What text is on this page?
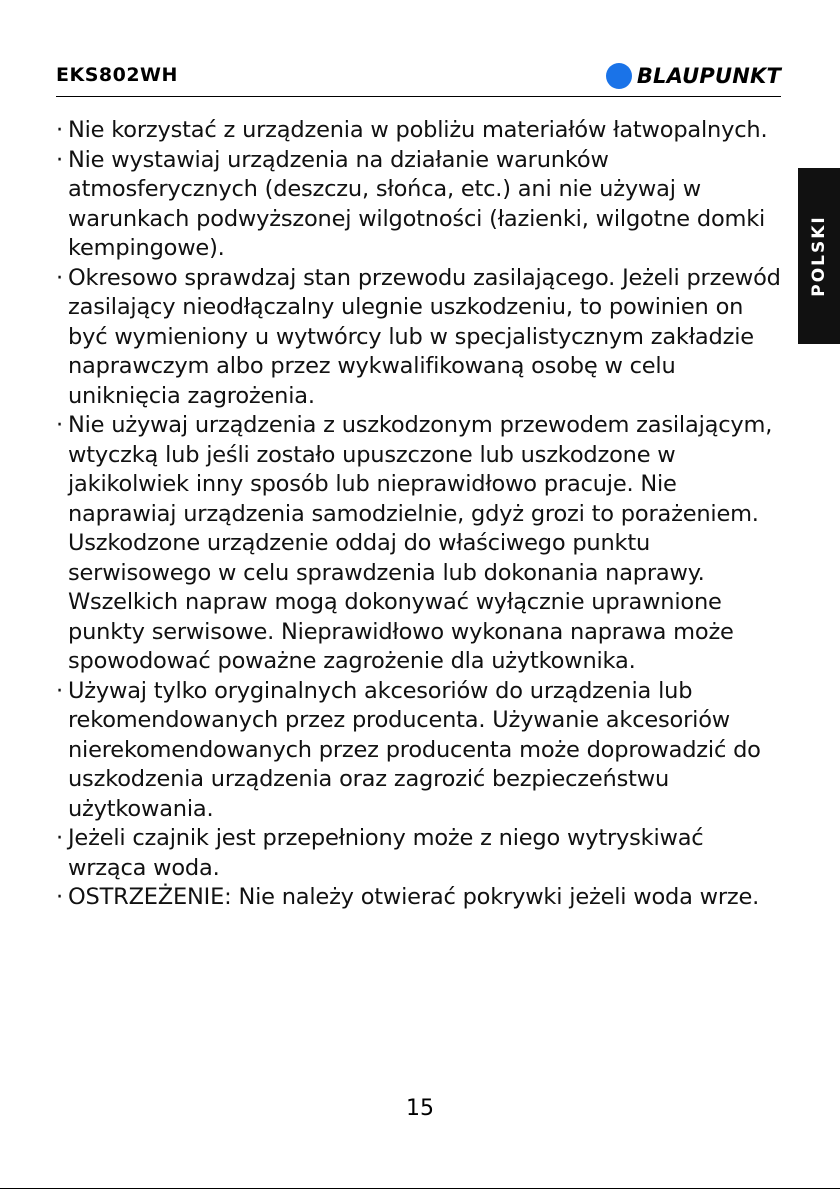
EKS802WH	BLAUPUNKT
POLSKI
· Nie korzystać z urządzenia w pobliżu materiałów łatwopalnych.
· Nie wystawiaj urządzenia na działanie warunków atmosferycznych (deszczu, słońca, etc.) ani nie używaj w warunkach podwyższonej wilgotności (łazienki, wilgotne domki kempingowe).
· Okresowo sprawdzaj stan przewodu zasilającego. Jeżeli przewód zasilający nieodłączalny ulegnie uszkodzeniu, to powinien on być wymieniony u wytwórcy lub w specjalistycznym zakładzie naprawczym albo przez wykwalifikowaną osobę w celu uniknięcia zagrożenia.
· Nie używaj urządzenia z uszkodzonym przewodem zasilającym, wtyczką lub jeśli zostało upuszczone lub uszkodzone w jakikolwiek inny sposób lub nieprawidłowo pracuje. Nie naprawiaj urządzenia samodzielnie, gdyż grozi to porażeniem. Uszkodzone urządzenie oddaj do właściwego punktu serwisowego w celu sprawdzenia lub dokonania naprawy. Wszelkich napraw mogą dokonywać wyłącznie uprawnione punkty serwisowe. Nieprawidłowo wykonana naprawa może spowodować poważne zagrożenie dla użytkownika.
· Używaj tylko oryginalnych akcesoriów do urządzenia lub rekomendowanych przez producenta. Używanie akcesoriów nierekomendowanych przez producenta może doprowadzić do uszkodzenia urządzenia oraz zagrozić bezpieczeństwu użytkowania.
· Jeżeli czajnik jest przepełniony może z niego wytryskiwać wrząca woda.
· OSTRZEŻENIE: Nie należy otwierać pokrywki jeżeli woda wrze.
15
